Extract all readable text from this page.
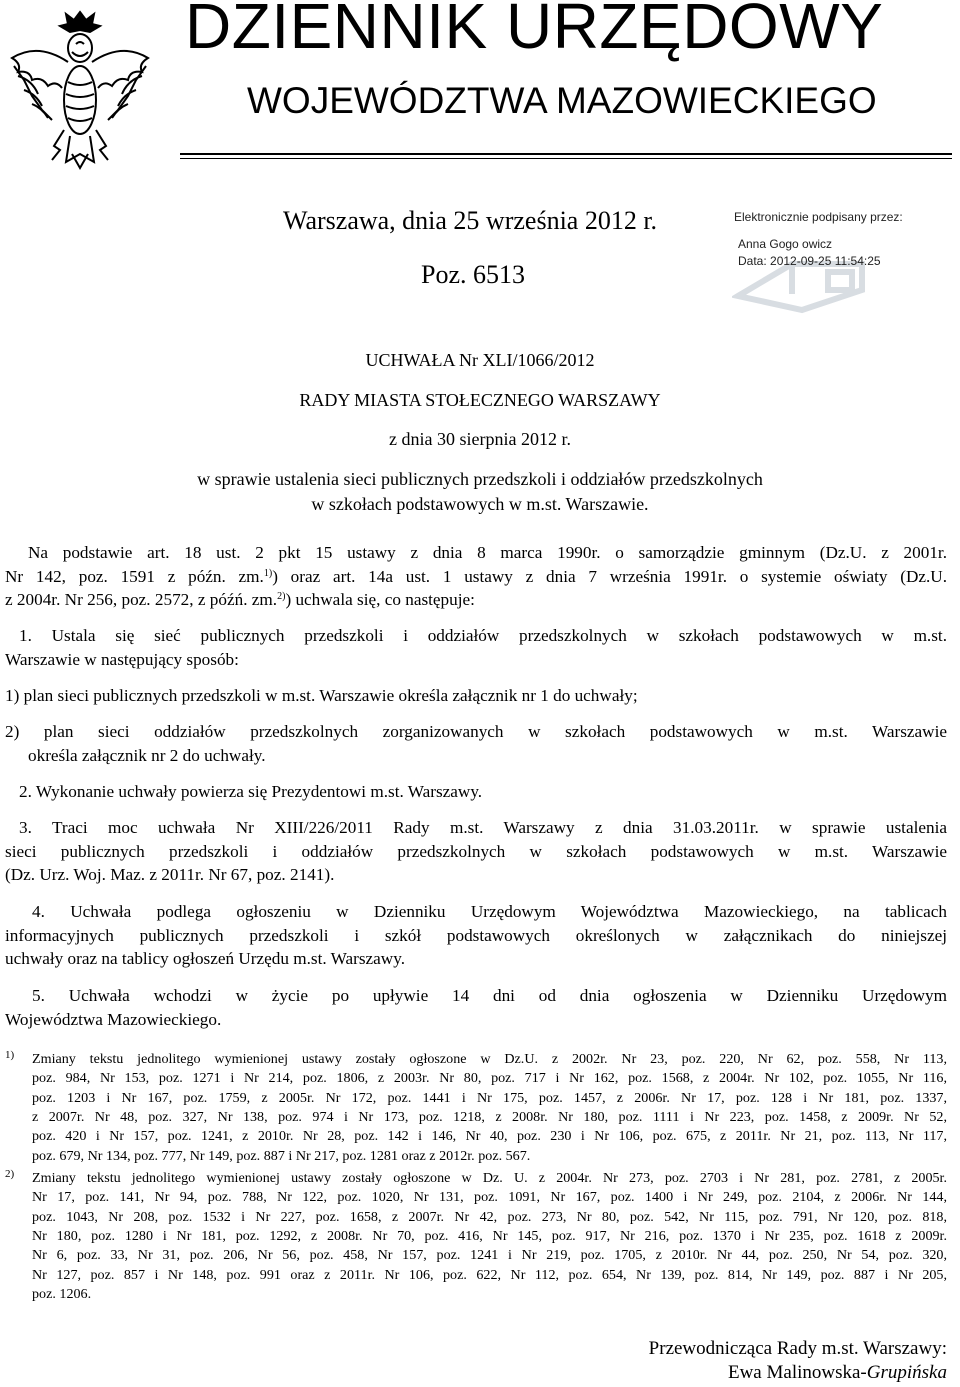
DZIENNIK URZĘDOWY
WOJEWÓDZTWA MAZOWIECKIEGO
Warszawa, dnia 25 września 2012 r.
Poz. 6513
Elektronicznie podpisany przez:
Anna Gogo owicz
Data: 2012-09-25 11:54:25
UCHWAŁA Nr XLI/1066/2012
RADY MIASTA STOŁECZNEGO WARSZAWY
z dnia 30 sierpnia 2012 r.
w sprawie ustalenia sieci publicznych przedszkoli i oddziałów przedszkolnych
w szkołach podstawowych w m.st. Warszawie.
Na podstawie art. 18 ust. 2 pkt 15 ustawy z dnia 8 marca 1990r. o samorządzie gminnym (Dz.U. z 2001r.
Nr 142, poz. 1591 z późn. zm.$^{1)}$) oraz art. 14a ust. 1 ustawy z dnia 7 września 1991r. o systemie oświaty (Dz.U.
z 2004r. Nr 256, poz. 2572, z późń. zm.$^{2)}$) uchwala się, co następuje:
1. Ustala się sieć publicznych przedszkoli i oddziałów przedszkolnych w szkołach podstawowych w m.st.
Warszawie w następujący sposób:
1) plan sieci publicznych przedszkoli w m.st. Warszawie określa załącznik nr 1 do uchwały;
2) plan sieci oddziałów przedszkolnych zorganizowanych w szkołach podstawowych w m.st. Warszawie
określa załącznik nr 2 do uchwały.
2. Wykonanie uchwały powierza się Prezydentowi m.st. Warszawy.
3. Traci moc uchwała Nr XIII/226/2011 Rady m.st. Warszawy z dnia 31.03.2011r. w sprawie ustalenia
sieci publicznych przedszkoli i oddziałów przedszkolnych w szkołach podstawowych w m.st. Warszawie
(Dz. Urz. Woj. Maz. z 2011r. Nr 67, poz. 2141).
4. Uchwała podlega ogłoszeniu w Dzienniku Urzędowym Województwa Mazowieckiego, na tablicach
informacyjnych publicznych przedszkoli i szkół podstawowych określonych w załącznikach do niniejszej
uchwały oraz na tablicy ogłoszeń Urzędu m.st. Warszawy.
5. Uchwała wchodzi w życie po upływie 14 dni od dnia ogłoszenia w Dzienniku Urzędowym
Województwa Mazowieckiego.
1) Zmiany tekstu jednolitego wymienionej ustawy zostały ogłoszone w Dz.U. z 2002r. Nr 23, poz. 220, Nr 62, poz. 558, Nr 113,
poz. 984, Nr 153, poz. 1271 i Nr 214, poz. 1806, z 2003r. Nr 80, poz. 717 i Nr 162, poz. 1568, z 2004r. Nr 102, poz. 1055, Nr 116,
poz. 1203 i Nr 167, poz. 1759, z 2005r. Nr 172, poz. 1441 i Nr 175, poz. 1457, z 2006r. Nr 17, poz. 128 i Nr 181, poz. 1337,
z 2007r. Nr 48, poz. 327, Nr 138, poz. 974 i Nr 173, poz. 1218, z 2008r. Nr 180, poz. 1111 i Nr 223, poz. 1458, z 2009r. Nr 52,
poz. 420 i Nr 157, poz. 1241, z 2010r. Nr 28, poz. 142 i 146, Nr 40, poz. 230 i Nr 106, poz. 675, z 2011r. Nr 21, poz. 113, Nr 117,
poz. 679, Nr 134, poz. 777, Nr 149, poz. 887 i Nr 217, poz. 1281 oraz z 2012r. poz. 567.
2) Zmiany tekstu jednolitego wymienionej ustawy zostały ogłoszone w Dz. U. z 2004r. Nr 273, poz. 2703 i Nr 281, poz. 2781, z 2005r.
Nr 17, poz. 141, Nr 94, poz. 788, Nr 122, poz. 1020, Nr 131, poz. 1091, Nr 167, poz. 1400 i Nr 249, poz. 2104, z 2006r. Nr 144,
poz. 1043, Nr 208, poz. 1532 i Nr 227, poz. 1658, z 2007r. Nr 42, poz. 273, Nr 80, poz. 542, Nr 115, poz. 791, Nr 120, poz. 818,
Nr 180, poz. 1280 i Nr 181, poz. 1292, z 2008r. Nr 70, poz. 416, Nr 145, poz. 917, Nr 216, poz. 1370 i Nr 235, poz. 1618 z 2009r.
Nr 6, poz. 33, Nr 31, poz. 206, Nr 56, poz. 458, Nr 157, poz. 1241 i Nr 219, poz. 1705, z 2010r. Nr 44, poz. 250, Nr 54, poz. 320,
Nr 127, poz. 857 i Nr 148, poz. 991 oraz z 2011r. Nr 106, poz. 622, Nr 112, poz. 654, Nr 139, poz. 814, Nr 149, poz. 887 i Nr 205,
poz. 1206.
Przewodnicząca Rady m.st. Warszawy:
Ewa Malinowska-Grupińska
